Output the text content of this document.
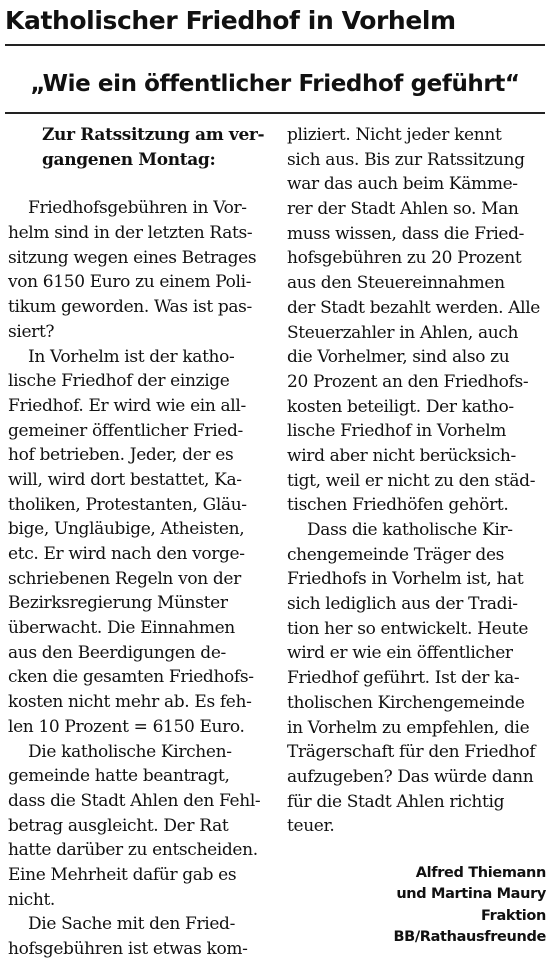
Katholischer Friedhof in Vorhelm
„Wie ein öffentlicher Friedhof geführt“
Zur Ratssitzung am ver-
gangenen Montag:
Friedhofsgebühren in Vor-
helm sind in der letzten Rats-
sitzung wegen eines Betrages
von 6150 Euro zu einem Poli-
tikum geworden. Was ist pas-
siert?
In Vorhelm ist der kathо-
lische Friedhof der einzige
Friedhof. Er wird wie ein all-
gemeiner öffentlicher Fried-
hof betrieben. Jeder, der es
will, wird dort bestattet, Ka-
tholiken, Protestanten, Gläu-
bige, Ungläubige, Atheisten,
etc. Er wird nach den vorge-
schriebenen Regeln von der
Bezirksregierung Münster
überwacht. Die Einnahmen
aus den Beerdigungen de-
cken die gesamten Friedhofs-
kosten nicht mehr ab. Es feh-
len 10 Prozent = 6150 Euro.
Die katholische Kirchen-
gemeinde hatte beantragt,
dass die Stadt Ahlen den Fehl-
betrag ausgleicht. Der Rat
hatte darüber zu entscheiden.
Eine Mehrheit dafür gab es
nicht.
Die Sache mit den Fried-
hofsgebühren ist etwas kom-
pliziert. Nicht jeder kennt
sich aus. Bis zur Ratssitzung
war das auch beim Kämme-
rer der Stadt Ahlen so. Man
muss wissen, dass die Fried-
hofsgebühren zu 20 Prozent
aus den Steuereinnahmen
der Stadt bezahlt werden. Alle
Steuerzahler in Ahlen, auch
die Vorhelmer, sind also zu
20 Prozent an den Friedhofs-
kosten beteiligt. Der katho-
lische Friedhof in Vorhelm
wird aber nicht berücksich-
tigt, weil er nicht zu den städ-
tischen Friedhöfen gehört.
Dass die katholische Kir-
chengemeinde Träger des
Friedhofs in Vorhelm ist, hat
sich lediglich aus der Tradi-
tion her so entwickelt. Heute
wird er wie ein öffentlicher
Friedhof geführt. Ist der ka-
tholischen Kirchengemeinde
in Vorhelm zu empfehlen, die
Trägerschaft für den Friedhof
aufzugeben? Das würde dann
für die Stadt Ahlen richtig
teuer.
Alfred Thiemann
und Martina Maury
Fraktion
BB/Rathausfreunde
